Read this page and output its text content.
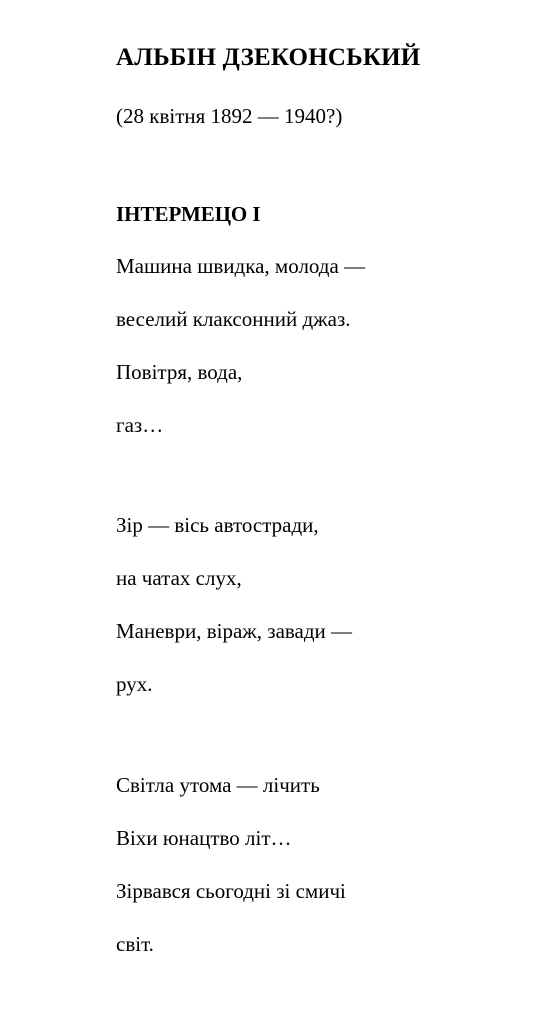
АЛЬБІН ДЗЕКОНСЬКИЙ
(28 квітня 1892 — 1940?)
ІНТЕРМЕЦО І
Машина швидка, молода —
веселий клаксонний джаз.
Повітря, вода,
газ…
Зір — вісь автостради,
на чатах слух,
Маневри, віраж, завади —
рух.
Світла утома — лічить
Віхи юнацтво літ…
Зірвався сьогодні зі смичі
світ.
